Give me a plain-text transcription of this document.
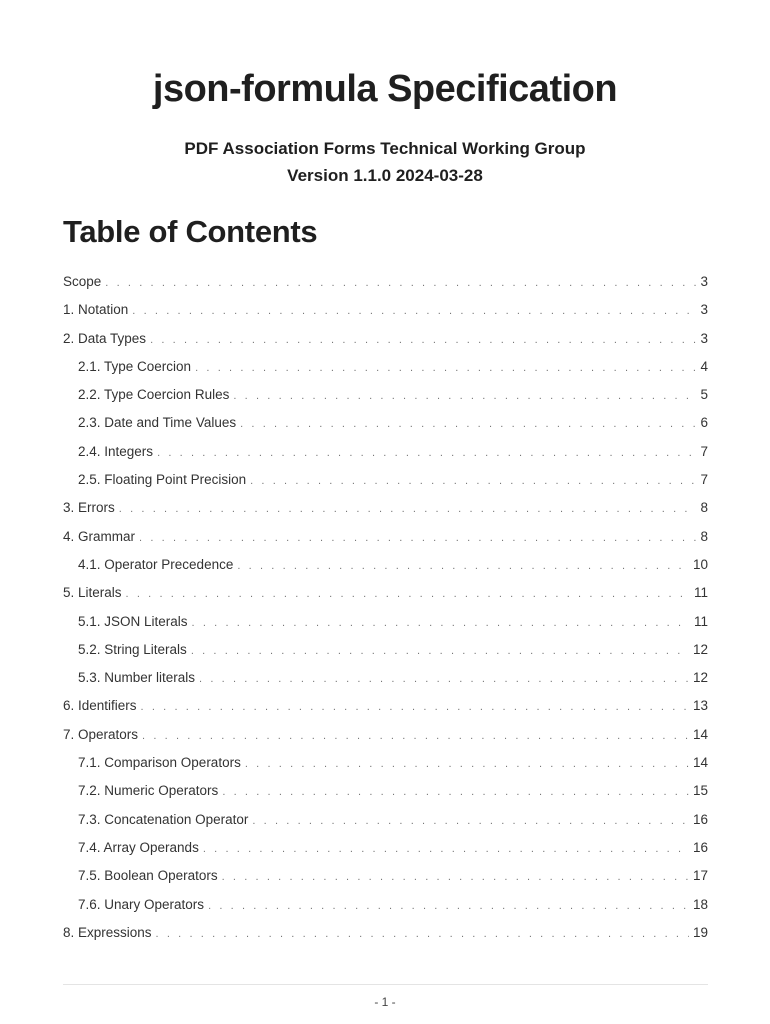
json-formula Specification
PDF Association Forms Technical Working Group
Version 1.1.0 2024-03-28
Table of Contents
Scope . . .	3
1. Notation . . .	3
2. Data Types . . .	3
2.1. Type Coercion . . .	4
2.2. Type Coercion Rules . . .	5
2.3. Date and Time Values . . .	6
2.4. Integers . . .	7
2.5. Floating Point Precision . . .	7
3. Errors . . .	8
4. Grammar . . .	8
4.1. Operator Precedence . . .	10
5. Literals . . .	11
5.1. JSON Literals . . .	11
5.2. String Literals . . .	12
5.3. Number literals . . .	12
6. Identifiers . . .	13
7. Operators . . .	14
7.1. Comparison Operators . . .	14
7.2. Numeric Operators . . .	15
7.3. Concatenation Operator . . .	16
7.4. Array Operands . . .	16
7.5. Boolean Operators . . .	17
7.6. Unary Operators . . .	18
8. Expressions . . .	19
- 1 -
